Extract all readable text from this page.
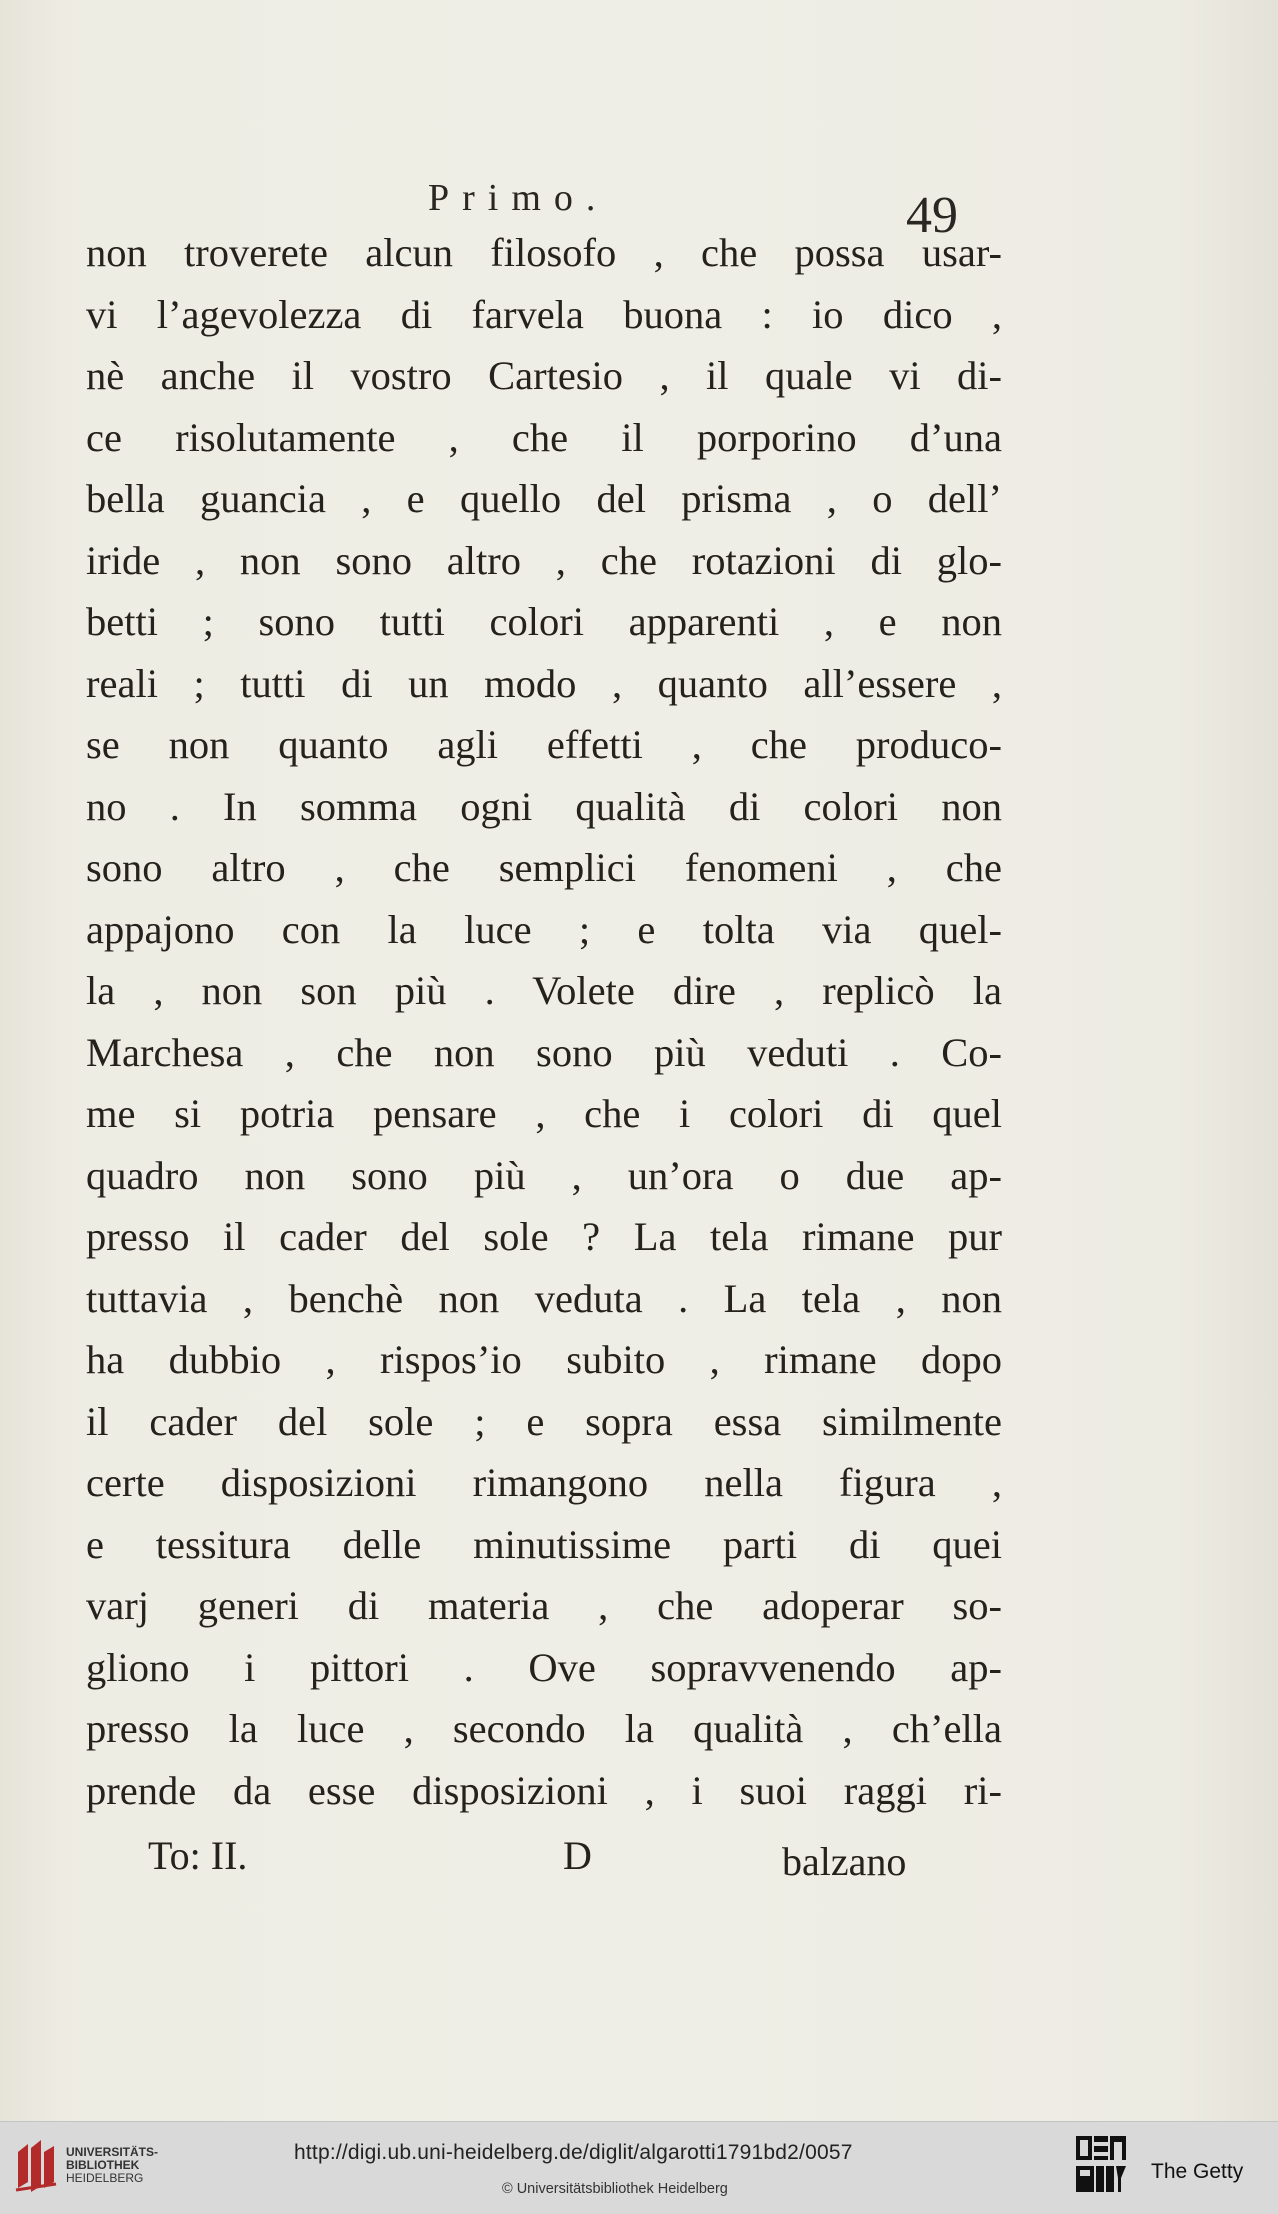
Primo.	49
non troverete alcun filosofo , che possa usar-
vi l’agevolezza di farvela buona : io dico ,
nè anche il vostro Cartesio , il quale vi di-
ce risolutamente , che il porporino d’una
bella guancia , e quello del prisma , o dell’
iride , non sono altro , che rotazioni di glo-
betti ; sono tutti colori apparenti , e non
reali ; tutti di un modo , quanto all’essere ,
se non quanto agli effetti , che produco-
no . In somma ogni qualità di colori non
sono altro , che semplici fenomeni , che
appajono con la luce ; e tolta via quel-
la , non son più . Volete dire , replicò la
Marchesa , che non sono più veduti . Co-
me si potria pensare , che i colori di quel
quadro non sono più , un’ora o due ap-
presso il cader del sole ? La tela rimane pur
tuttavia , benchè non veduta . La tela , non
ha dubbio , rispos’io subito , rimane dopo
il cader del sole ; e sopra essa similmente
certe disposizioni rimangono nella figura ,
e tessitura delle minutissime parti di quei
varj generi di materia , che adoperar so-
gliono i pittori . Ove sopravvenendo ap-
presso la luce , secondo la qualità , ch’ella
prende da esse disposizioni , i suoi raggi ri-
To: II.	D	balzano
UNIVERSITÄTS-
BIBLIOTHEK
HEIDELBERG
http://digi.ub.uni-heidelberg.de/diglit/algarotti1791bd2/0057
© Universitätsbibliothek Heidelberg
The Getty
